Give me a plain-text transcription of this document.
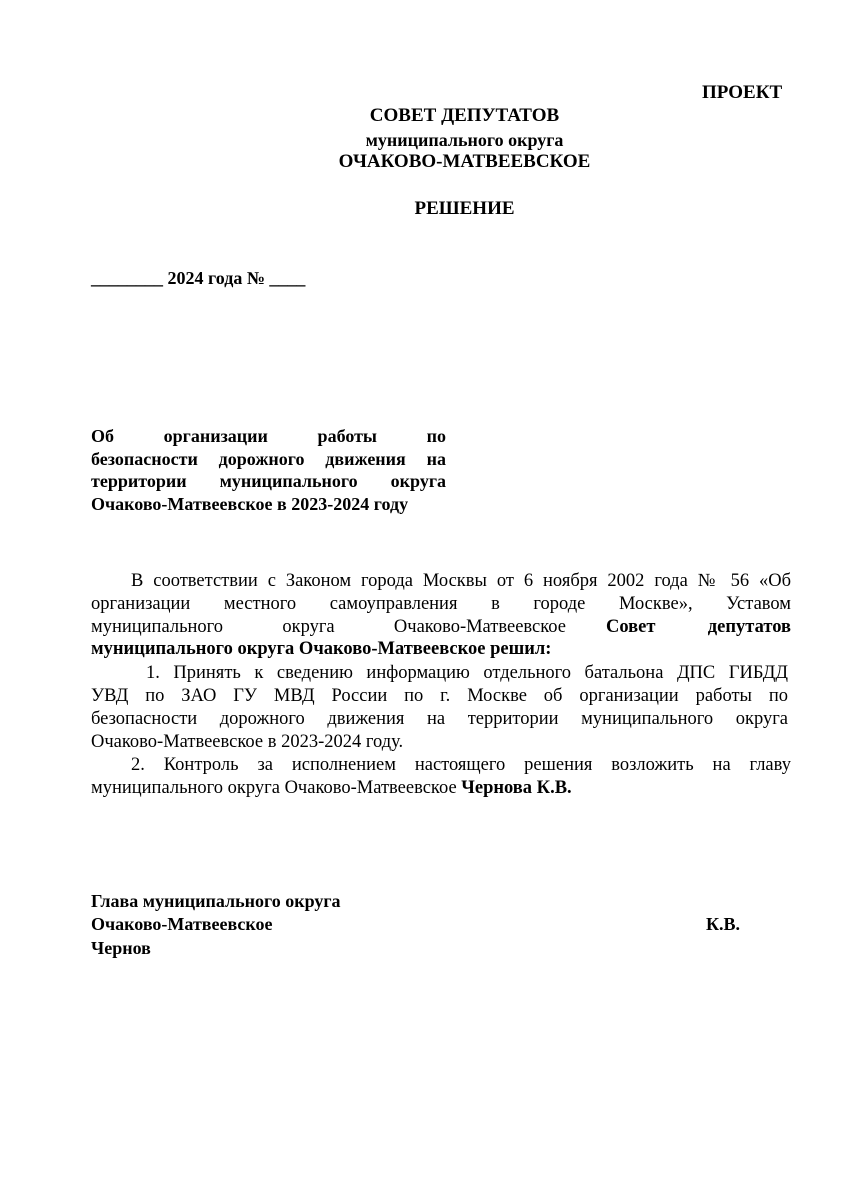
ПРОЕКТ
СОВЕТ ДЕПУТАТОВ
муниципального округа
ОЧАКОВО-МАТВЕЕВСКОЕ
РЕШЕНИЕ
________ 2024 года № ____
Об организации работы по
безопасности дорожного движения на
территории муниципального округа
Очаково-Матвеевское в 2023-2024 году
В соответствии с Законом города Москвы от 6 ноября 2002 года № 56 «Об
организации местного самоуправления в городе Москве», Уставом
муниципального округа Очаково-Матвеевское Совет депутатов
муниципального округа Очаково-Матвеевское решил:
1. Принять к сведению информацию отдельного батальона ДПС ГИБДД
УВД по ЗАО ГУ МВД России по г. Москве об организации работы по
безопасности дорожного движения на территории муниципального округа
Очаково-Матвеевское в 2023-2024 году.
2. Контроль за исполнением настоящего решения возложить на главу
муниципального округа Очаково-Матвеевское Чернова К.В.
Глава муниципального округа
Очаково-Матвеевское	К.В.
Чернов
